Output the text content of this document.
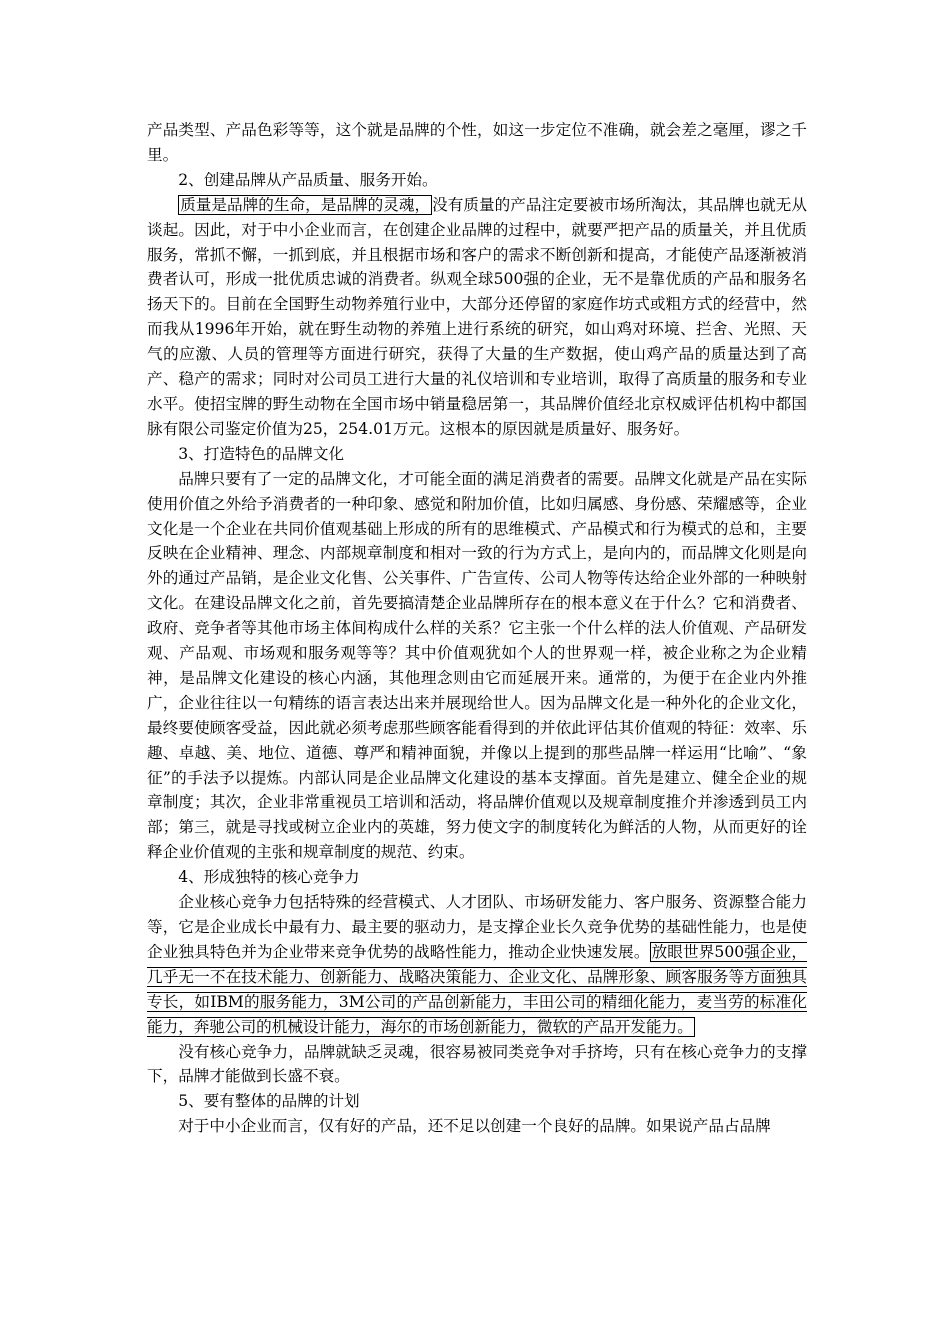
产品类型、产品色彩等等，这个就是品牌的个性，如这一步定位不准确，就会差之毫厘，谬之千里。

2、创建品牌从产品质量、服务开始。

质量是品牌的生命，是品牌的灵魂， 没有质量的产品注定要被市场所淘汰，其品牌也就无从谈起。因此，对于中小企业而言，在创建企业品牌的过程中，就要严把产品的质量关，并且优质服务，常抓不懈，一抓到底，并且根据市场和客户的需求不断创新和提高，才能使产品逐渐被消费者认可，形成一批优质忠诚的消费者。纵观全球500强的企业，无不是靠优质的产品和服务名扬天下的。目前在全国野生动物养殖行业中，大部分还停留的家庭作坊式或粗方式的经营中，然而我从1996年开始，就在野生动物的养殖上进行系统的研究，如山鸡对环境、拦舍、光照、天气的应激、人员的管理等方面进行研究，获得了大量的生产数据，使山鸡产品的质量达到了高产、稳产的需求；同时对公司员工进行大量的礼仪培训和专业培训，取得了高质量的服务和专业水平。使招宝牌的野生动物在全国市场中销量稳居第一，其品牌价值经北京权威评估机构中都国脉有限公司鉴定价值为25，254.01万元。这根本的原因就是质量好、服务好。

3、打造特色的品牌文化

品牌只要有了一定的品牌文化，才可能全面的满足消费者的需要。品牌文化就是产品在实际使用价值之外给予消费者的一种印象、感觉和附加价值，比如归属感、身份感、荣耀感等，企业文化是一个企业在共同价值观基础上形成的所有的思维模式、产品模式和行为模式的总和，主要反映在企业精神、理念、内部规章制度和相对一致的行为方式上，是向内的，而品牌文化则是向外的通过产品销，是企业文化售、公关事件、广告宣传、公司人物等传达给企业外部的一种映射文化。在建设品牌文化之前，首先要搞清楚企业品牌所存在的根本意义在于什么？它和消费者、政府、竞争者等其他市场主体间构成什么样的关系？它主张一个什么样的法人价值观、产品研发观、产品观、市场观和服务观等等？其中价值观犹如个人的世界观一样，被企业称之为企业精神，是品牌文化建设的核心内涵，其他理念则由它而延展开来。通常的，为便于在企业内外推广，企业往往以一句精练的语言表达出来并展现给世人。因为品牌文化是一种外化的企业文化，最终要使顾客受益，因此就必须考虑那些顾客能看得到的并依此评估其价值观的特征：效率、乐趣、卓越、美、地位、道德、尊严和精神面貌，并像以上提到的那些品牌一样运用“比喻”、“象征”的手法予以提炼。内部认同是企业品牌文化建设的基本支撑面。首先是建立、健全企业的规章制度；其次，企业非常重视员工培训和活动，将品牌价值观以及规章制度推介并渗透到员工内部；第三，就是寻找或树立企业内的英雄，努力使文字的制度转化为鲜活的人物，从而更好的诠释企业价值观的主张和规章制度的规范、约束。

4、形成独特的核心竞争力

企业核心竞争力包括特殊的经营模式、人才团队、市场研发能力、客户服务、资源整合能力等，它是企业成长中最有力、最主要的驱动力，是支撑企业长久竞争优势的基础性能力，也是使企业独具特色并为企业带来竞争优势的战略性能力，推动企业快速发展。 放眼世界500强企业，几乎无一不在技术能力、创新能力、战略决策能力、企业文化、品牌形象、顾客服务等方面独具专长，如IBM的服务能力，3M公司的产品创新能力，丰田公司的精细化能力，麦当劳的标准化能力，奔驰公司的机械设计能力，海尔的市场创新能力，微软的产品开发能力。

没有核心竞争力，品牌就缺乏灵魂，很容易被同类竞争对手挤垮，只有在核心竞争力的支撑下，品牌才能做到长盛不衰。

5、要有整体的品牌的计划

对于中小企业而言，仅有好的产品，还不足以创建一个良好的品牌。如果说产品占品牌
